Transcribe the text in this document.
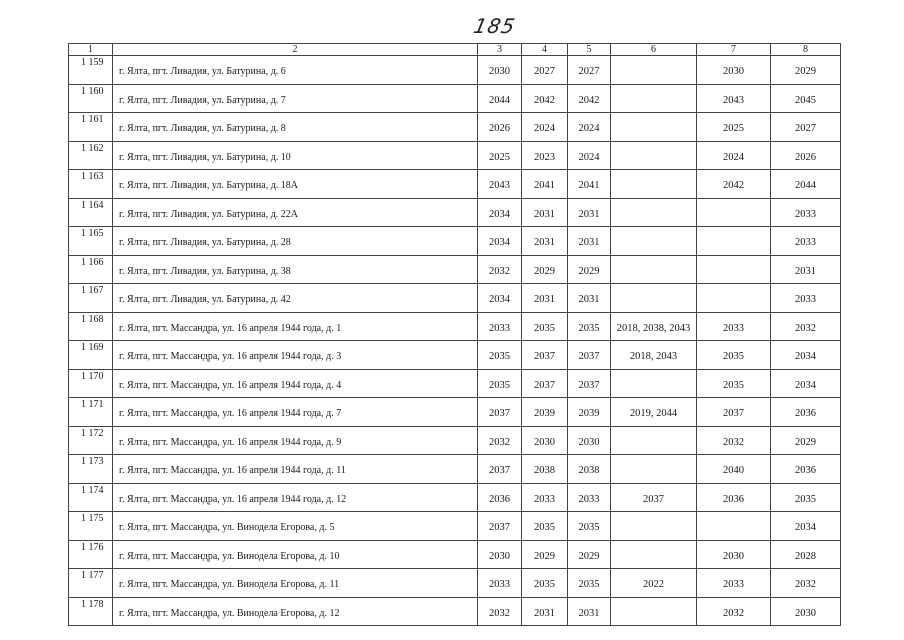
185
1	2	3	4	5	6	7	8
1 159	г. Ялта, пгт. Ливадия, ул. Батурина, д. 6	2030	2027	2027		2030	2029
1 160	г. Ялта, пгт. Ливадия, ул. Батурина, д. 7	2044	2042	2042		2043	2045
1 161	г. Ялта, пгт. Ливадия, ул. Батурина, д. 8	2026	2024	2024		2025	2027
1 162	г. Ялта, пгт. Ливадия, ул. Батурина, д. 10	2025	2023	2024		2024	2026
1 163	г. Ялта, пгт. Ливадия, ул. Батурина, д. 18А	2043	2041	2041		2042	2044
1 164	г. Ялта, пгт. Ливадия, ул. Батурина, д. 22А	2034	2031	2031			2033
1 165	г. Ялта, пгт. Ливадия, ул. Батурина, д. 28	2034	2031	2031			2033
1 166	г. Ялта, пгт. Ливадия, ул. Батурина, д. 38	2032	2029	2029			2031
1 167	г. Ялта, пгт. Ливадия, ул. Батурина, д. 42	2034	2031	2031			2033
1 168	г. Ялта, пгт. Массандра, ул. 16 апреля 1944 года, д. 1	2033	2035	2035	2018, 2038, 2043	2033	2032
1 169	г. Ялта, пгт. Массандра, ул. 16 апреля 1944 года, д. 3	2035	2037	2037	2018, 2043	2035	2034
1 170	г. Ялта, пгт. Массандра, ул. 16 апреля 1944 года, д. 4	2035	2037	2037		2035	2034
1 171	г. Ялта, пгт. Массандра, ул. 16 апреля 1944 года, д. 7	2037	2039	2039	2019, 2044	2037	2036
1 172	г. Ялта, пгт. Массандра, ул. 16 апреля 1944 года, д. 9	2032	2030	2030		2032	2029
1 173	г. Ялта, пгт. Массандра, ул. 16 апреля 1944 года, д. 11	2037	2038	2038		2040	2036
1 174	г. Ялта, пгт. Массандра, ул. 16 апреля 1944 года, д. 12	2036	2033	2033	2037	2036	2035
1 175	г. Ялта, пгт. Массандра, ул. Винодела Егорова, д. 5	2037	2035	2035			2034
1 176	г. Ялта, пгт. Массандра, ул. Винодела Егорова, д. 10	2030	2029	2029		2030	2028
1 177	г. Ялта, пгт. Массандра, ул. Винодела Егорова, д. 11	2033	2035	2035	2022	2033	2032
1 178	г. Ялта, пгт. Массандра, ул. Винодела Егорова, д. 12	2032	2031	2031		2032	2030
